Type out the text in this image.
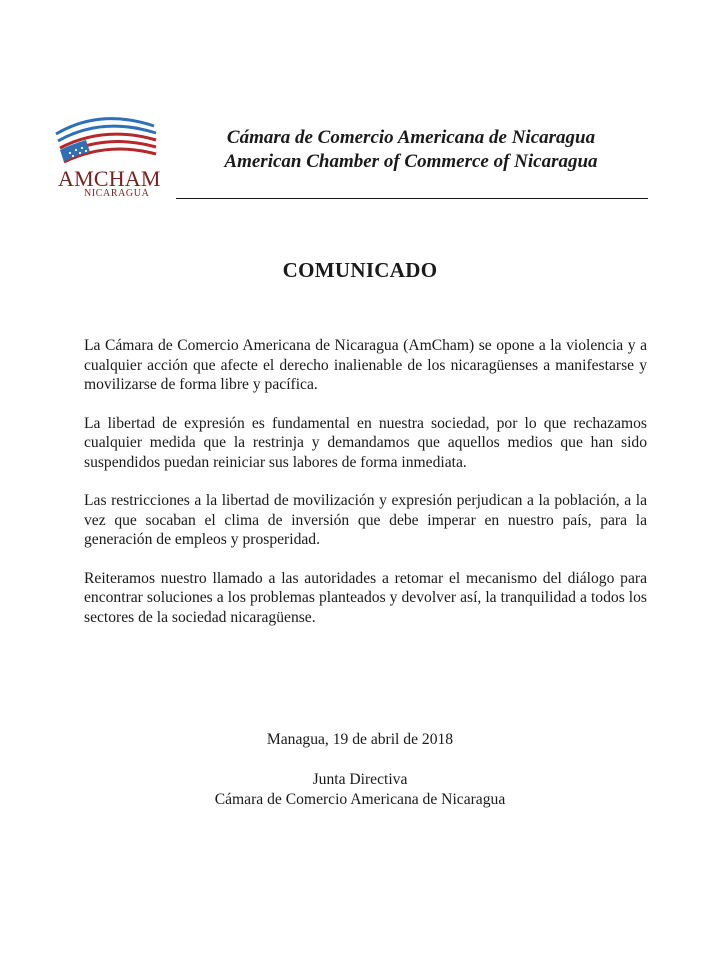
AMCHAM
NICARAGUA
Cámara de Comercio Americana de Nicaragua
American Chamber of Commerce of Nicaragua
COMUNICADO

La Cámara de Comercio Americana de Nicaragua (AmCham) se opone a la violencia y a cualquier acción que afecte el derecho inalienable de los nicaragüenses a manifestarse y movilizarse de forma libre y pacífica.

La libertad de expresión es fundamental en nuestra sociedad, por lo que rechazamos cualquier medida que la restrinja y demandamos que aquellos medios que han sido suspendidos puedan reiniciar sus labores de forma inmediata.

Las restricciones a la libertad de movilización y expresión perjudican a la población, a la vez que socaban el clima de inversión que debe imperar en nuestro país, para la generación de empleos y prosperidad.

Reiteramos nuestro llamado a las autoridades a retomar el mecanismo del diálogo para encontrar soluciones a los problemas planteados y devolver así, la tranquilidad a todos los sectores de la sociedad nicaragüense.

Managua, 19 de abril de 2018
Junta Directiva
Cámara de Comercio Americana de Nicaragua
